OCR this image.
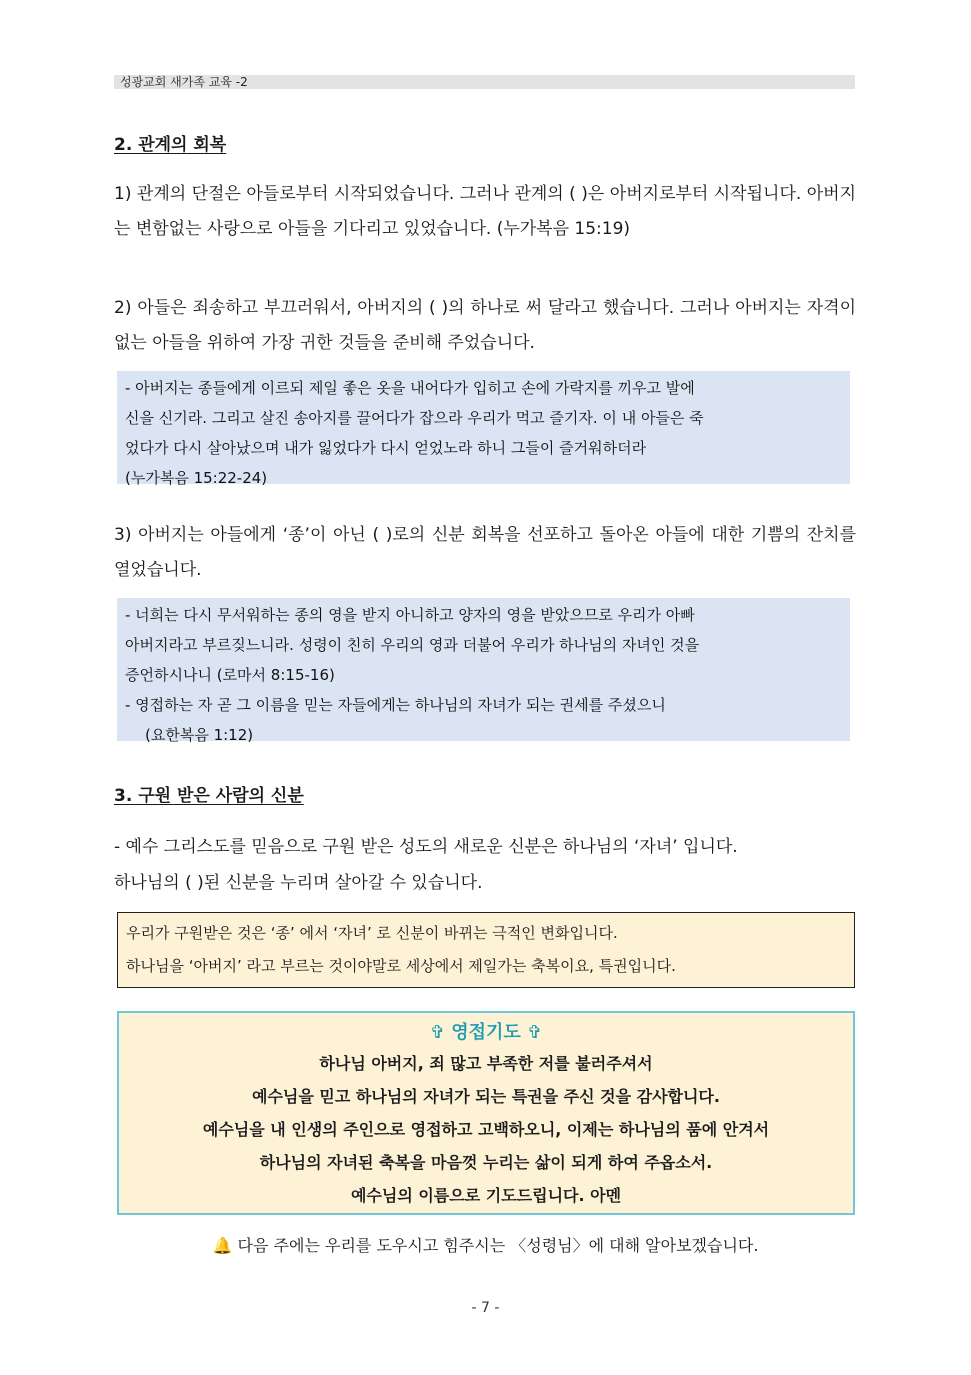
성광교회 새가족 교육 -2
2. 관계의 회복
1) 관계의 단절은 아들로부터 시작되었습니다. 그러나 관계의 ( )은 아버지로부터 시작됩니다. 아버지는 변함없는 사랑으로 아들을 기다리고 있었습니다. (누가복음 15:19)
2) 아들은 죄송하고 부끄러워서, 아버지의 ( )의 하나로 써 달라고 했습니다. 그러나 아버지는 자격이 없는 아들을 위하여 가장 귀한 것들을 준비해 주었습니다.
- 아버지는 종들에게 이르되 제일 좋은 옷을 내어다가 입히고 손에 가락지를 끼우고 발에
신을 신기라. 그리고 살진 송아지를 끌어다가 잡으라 우리가 먹고 즐기자. 이 내 아들은 죽
었다가 다시 살아났으며 내가 잃었다가 다시 얻었노라 하니 그들이 즐거워하더라
(누가복음 15:22-24)
3) 아버지는 아들에게 ‘종’이 아닌 ( )로의 신분 회복을 선포하고 돌아온 아들에 대한 기쁨의 잔치를 열었습니다.
- 너희는 다시 무서워하는 종의 영을 받지 아니하고 양자의 영을 받았으므로 우리가 아빠
아버지라고 부르짖느니라. 성령이 친히 우리의 영과 더불어 우리가 하나님의 자녀인 것을
증언하시나니 (로마서 8:15-16)
- 영접하는 자 곧 그 이름을 믿는 자들에게는 하나님의 자녀가 되는 권세를 주셨으니
(요한복음 1:12)
3. 구원 받은 사람의 신분
- 예수 그리스도를 믿음으로 구원 받은 성도의 새로운 신분은 하나님의 ‘자녀’ 입니다.
하나님의 ( )된 신분을 누리며 살아갈 수 있습니다.
우리가 구원받은 것은 ‘종’ 에서 ‘자녀’ 로 신분이 바뀌는 극적인 변화입니다.
하나님을 ‘아버지’ 라고 부르는 것이야말로 세상에서 제일가는 축복이요, 특권입니다.
✞ 영접기도 ✞
하나님 아버지, 죄 많고 부족한 저를 불러주셔서
예수님을 믿고 하나님의 자녀가 되는 특권을 주신 것을 감사합니다.
예수님을 내 인생의 주인으로 영접하고 고백하오니, 이제는 하나님의 품에 안겨서
하나님의 자녀된 축복을 마음껏 누리는 삶이 되게 하여 주옵소서.
예수님의 이름으로 기도드립니다. 아멘
🔔 다음 주에는 우리를 도우시고 힘주시는 〈성령님〉에 대해 알아보겠습니다.
- 7 -
